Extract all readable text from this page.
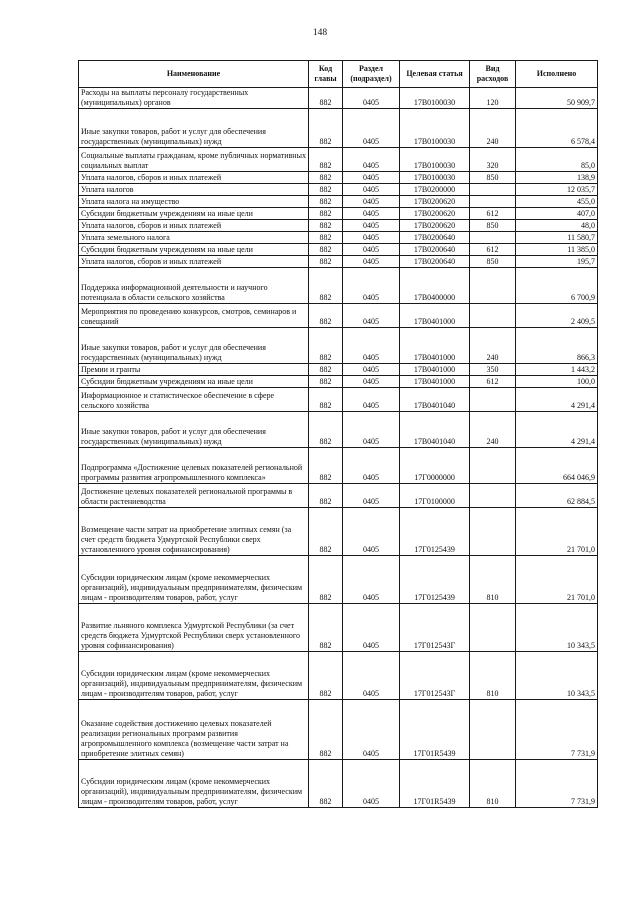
148
Наименование	Код главы	Раздел (подраздел)	Целевая статья	Вид расходов	Исполнено
Расходы на выплаты персоналу государственных (муниципальных) органов	882	0405	17В0100030	120	50 909,7
Иные закупки товаров, работ и услуг для обеспечения государственных (муниципальных) нужд	882	0405	17В0100030	240	6 578,4
Социальные выплаты гражданам, кроме публичных нормативных социальных выплат	882	0405	17В0100030	320	85,0
Уплата налогов, сборов и иных платежей	882	0405	17В0100030	850	138,9
Уплата налогов	882	0405	17В0200000		12 035,7
Уплата налога на имущество	882	0405	17В0200620		455,0
Субсидии бюджетным учреждениям на иные цели	882	0405	17В0200620	612	407,0
Уплата налогов, сборов и иных платежей	882	0405	17В0200620	850	48,0
Уплата земельного налога	882	0405	17В0200640		11 580,7
Субсидии бюджетным учреждениям на иные цели	882	0405	17В0200640	612	11 385,0
Уплата налогов, сборов и иных платежей	882	0405	17В0200640	850	195,7
Поддержка информационной деятельности и научного потенциала в области сельского хозяйства	882	0405	17В0400000		6 700,9
Мероприятия по проведению конкурсов, смотров, семинаров и совещаний	882	0405	17В0401000		2 409,5
Иные закупки товаров, работ и услуг для обеспечения государственных (муниципальных) нужд	882	0405	17В0401000	240	866,3
Премии и гранты	882	0405	17В0401000	350	1 443,2
Субсидии бюджетным учреждениям на иные цели	882	0405	17В0401000	612	100,0
Информационное и статистическое обеспечение в сфере сельского хозяйства	882	0405	17В0401040		4 291,4
Иные закупки товаров, работ и услуг для обеспечения государственных (муниципальных) нужд	882	0405	17В0401040	240	4 291,4
Подпрограмма «Достижение целевых показателей региональной программы развития агропромышленного комплекса»	882	0405	17Г0000000		664 046,9
Достижение целевых показателей региональной программы в области растениеводства	882	0405	17Г0100000		62 884,5
Возмещение части затрат на приобретение элитных семян (за счет средств бюджета Удмуртской Республики сверх установленного уровня софинансирования)	882	0405	17Г0125439		21 701,0
Субсидии юридическим лицам (кроме некоммерческих организаций), индивидуальным предпринимателям, физическим лицам - производителям товаров, работ, услуг	882	0405	17Г0125439	810	21 701,0
Развитие льняного комплекса Удмуртской Республики (за счет средств бюджета Удмуртской Республики сверх установленного уровня софинансирования)	882	0405	17Г012543Г		10 343,5
Субсидии юридическим лицам (кроме некоммерческих организаций), индивидуальным предпринимателям, физическим лицам - производителям товаров, работ, услуг	882	0405	17Г012543Г	810	10 343,5
Оказание содействия достижению целевых показателей реализации региональных программ развития агропромышленного комплекса (возмещение части затрат на приобретение элитных семян)	882	0405	17Г01R5439		7 731,9
Субсидии юридическим лицам (кроме некоммерческих организаций), индивидуальным предпринимателям, физическим лицам - производителям товаров, работ, услуг	882	0405	17Г01R5439	810	7 731,9
